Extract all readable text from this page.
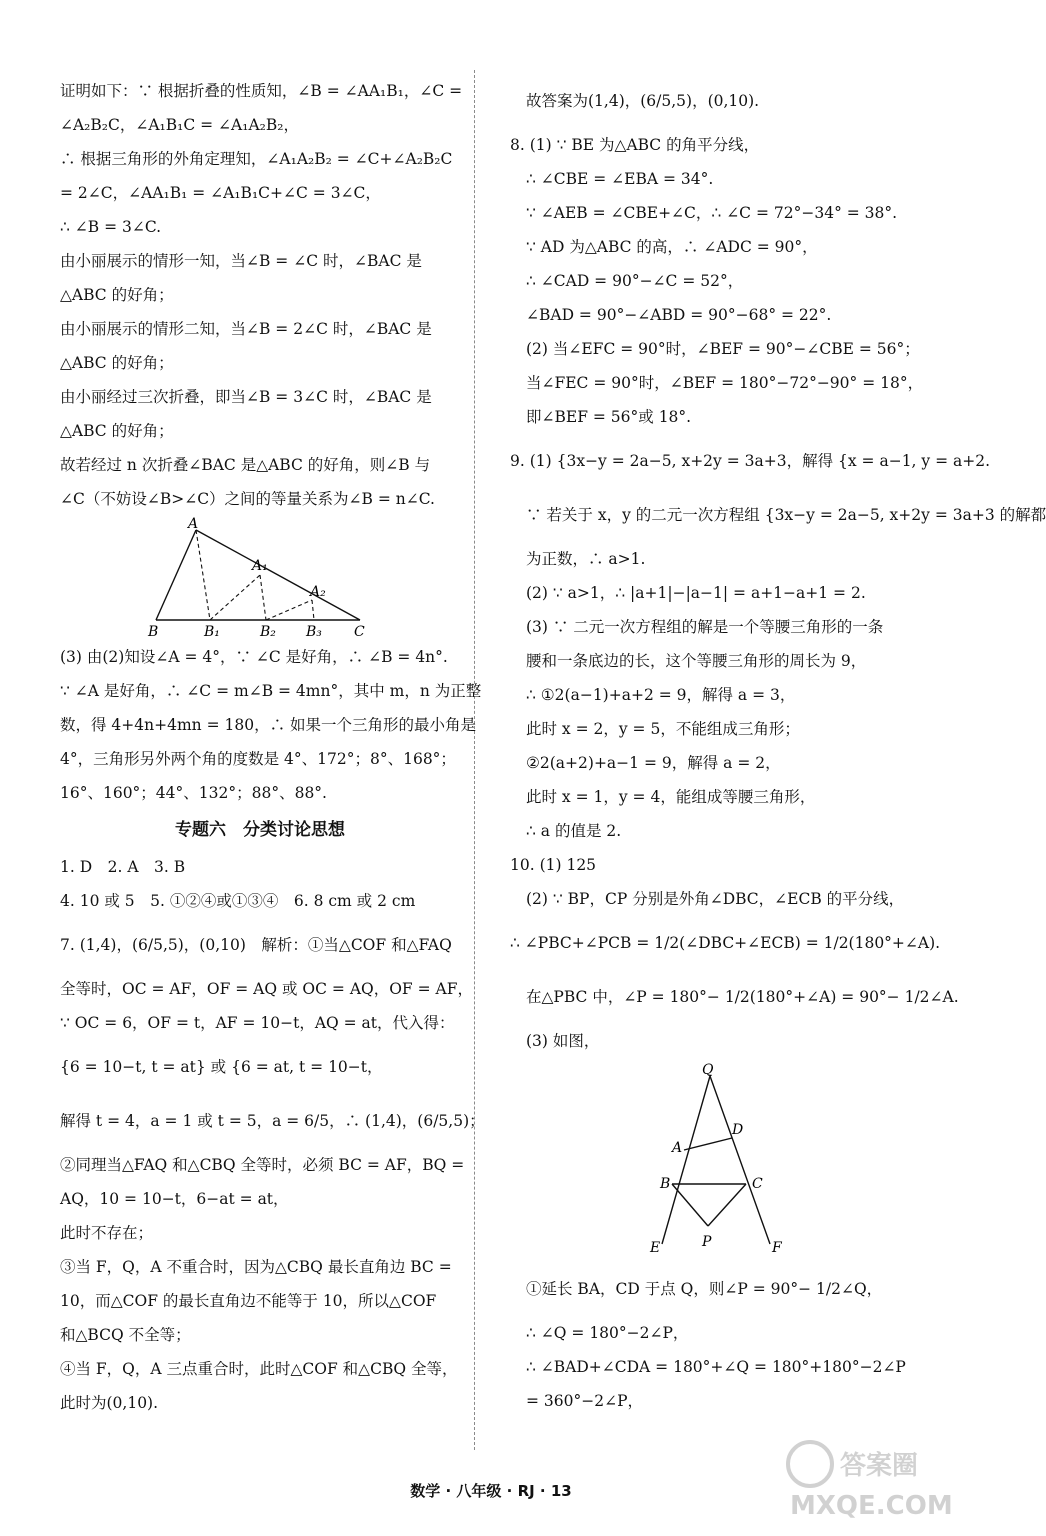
证明如下：∵ 根据折叠的性质知，∠B = ∠AA₁B₁，∠C =

∠A₂B₂C，∠A₁B₁C = ∠A₁A₂B₂，

∴ 根据三角形的外角定理知，∠A₁A₂B₂ = ∠C+∠A₂B₂C

= 2∠C，∠AA₁B₁ = ∠A₁B₁C+∠C = 3∠C，

∴ ∠B = 3∠C.

由小丽展示的情形一知，当∠B = ∠C 时，∠BAC 是

△ABC 的好角；

由小丽展示的情形二知，当∠B = 2∠C 时，∠BAC 是

△ABC 的好角；

由小丽经过三次折叠，即当∠B = 3∠C 时，∠BAC 是

△ABC 的好角；

故若经过 n 次折叠∠BAC 是△ABC 的好角，则∠B 与

∠C（不妨设∠B>∠C）之间的等量关系为∠B = n∠C.

A
A₁
A₂
B	B₁	B₂ B₃ C

(3) 由(2)知设∠A = 4°，∵ ∠C 是好角，∴ ∠B = 4n°.

∵ ∠A 是好角，∴ ∠C = m∠B = 4mn°，其中 m，n 为正整

数，得 4+4n+4mn = 180，∴ 如果一个三角形的最小角是

4°，三角形另外两个角的度数是 4°、172°；8°、168°；

16°、160°；44°、132°；88°、88°.

专题六　分类讨论思想

1. D　2. A　3. B

4. 10 或 5　5. ①②④或①③④　6. 8 cm 或 2 cm

7. (1,4)，(6/5,5)，(0,10)　解析：①当△COF 和△FAQ

全等时，OC = AF，OF = AQ 或 OC = AQ，OF = AF，

∵ OC = 6，OF = t，AF = 10−t，AQ = at，代入得：

{6 = 10−t, t = at} 或 {6 = at, t = 10−t，

解得 t = 4，a = 1 或 t = 5，a = 6/5，∴ (1,4)，(6/5,5)；

②同理当△FAQ 和△CBQ 全等时，必须 BC = AF，BQ =

AQ，10 = 10−t，6−at = at，

此时不存在；

③当 F，Q，A 不重合时，因为△CBQ 最长直角边 BC =

10，而△COF 的最长直角边不能等于 10，所以△COF

和△BCQ 不全等；

④当 F，Q，A 三点重合时，此时△COF 和△CBQ 全等，

此时为(0,10).

故答案为(1,4)，(6/5,5)，(0,10).

8. (1) ∵ BE 为△ABC 的角平分线，

∴ ∠CBE = ∠EBA = 34°.

∵ ∠AEB = ∠CBE+∠C，∴ ∠C = 72°−34° = 38°.

∵ AD 为△ABC 的高，∴ ∠ADC = 90°，

∴ ∠CAD = 90°−∠C = 52°，

∠BAD = 90°−∠ABD = 90°−68° = 22°.

(2) 当∠EFC = 90°时，∠BEF = 90°−∠CBE = 56°；

当∠FEC = 90°时，∠BEF = 180°−72°−90° = 18°，

即∠BEF = 56°或 18°.

9. (1) {3x−y = 2a−5, x+2y = 3a+3，解得 {x = a−1, y = a+2.

∵ 若关于 x，y 的二元一次方程组 {3x−y = 2a−5, x+2y = 3a+3 的解都

为正数，∴ a>1.

(2) ∵ a>1，∴ |a+1|−|a−1| = a+1−a+1 = 2.

(3) ∵ 二元一次方程组的解是一个等腰三角形的一条

腰和一条底边的长，这个等腰三角形的周长为 9，

∴ ①2(a−1)+a+2 = 9，解得 a = 3，

此时 x = 2，y = 5，不能组成三角形；

②2(a+2)+a−1 = 9，解得 a = 2，

此时 x = 1，y = 4，能组成等腰三角形，

∴ a 的值是 2.

10. (1) 125

(2) ∵ BP，CP 分别是外角∠DBC，∠ECB 的平分线，

∴ ∠PBC+∠PCB = 1/2(∠DBC+∠ECB) = 1/2(180°+∠A).

在△PBC 中，∠P = 180°− 1/2(180°+∠A) = 90°− 1/2∠A.

(3) 如图，

Q
D
A
B	C
E	P	F

①延长 BA，CD 于点 Q，则∠P = 90°− 1/2∠Q，

∴ ∠Q = 180°−2∠P，

∴ ∠BAD+∠CDA = 180°+∠Q = 180°+180°−2∠P

= 360°−2∠P，

数学 · 八年级 · RJ · 13
答案圈
MXQE.COM
